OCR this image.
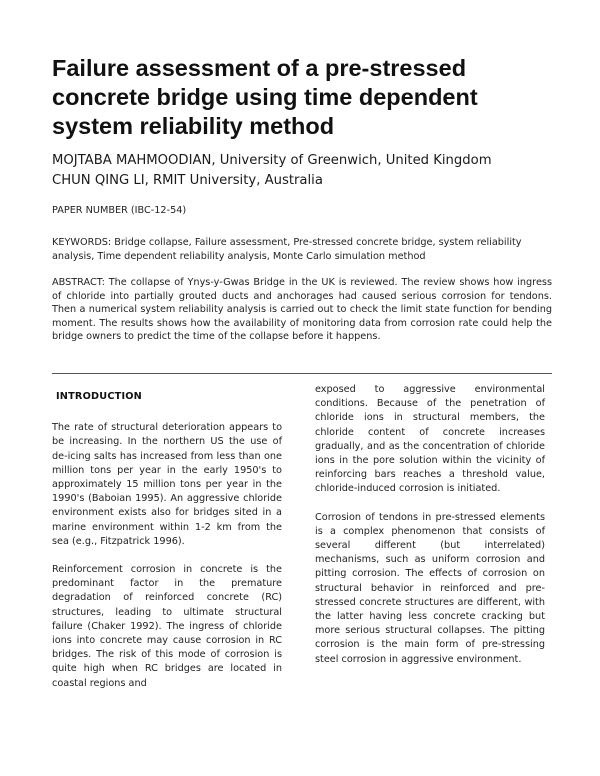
Failure assessment of a pre-stressed
concrete bridge using time dependent
system reliability method
MOJTABA MAHMOODIAN, University of Greenwich, United Kingdom
CHUN QING LI, RMIT University, Australia
PAPER NUMBER (IBC-12-54)
KEYWORDS: Bridge collapse, Failure assessment, Pre-stressed concrete bridge, system reliability analysis, Time dependent reliability analysis, Monte Carlo simulation method
ABSTRACT: The collapse of Ynys-y-Gwas Bridge in the UK is reviewed. The review shows how ingress of chloride into partially grouted ducts and anchorages had caused serious corrosion for tendons. Then a numerical system reliability analysis is carried out to check the limit state function for bending moment. The results shows how the availability of monitoring data from corrosion rate could help the bridge owners to predict the time of the collapse before it happens.
INTRODUCTION

The rate of structural deterioration appears to be increasing. In the northern US the use of de-icing salts has increased from less than one million tons per year in the early 1950's to approximately 15 million tons per year in the 1990's (Baboian 1995). An aggressive chloride environment exists also for bridges sited in a marine environment within 1-2 km from the sea (e.g., Fitzpatrick 1996).

Reinforcement corrosion in concrete is the predominant factor in the premature degradation of reinforced concrete (RC) structures, leading to ultimate structural failure (Chaker 1992). The ingress of chloride ions into concrete may cause corrosion in RC bridges. The risk of this mode of corrosion is quite high when RC bridges are located in coastal regions and

exposed to aggressive environmental conditions. Because of the penetration of chloride ions in structural members, the chloride content of concrete increases gradually, and as the concentration of chloride ions in the pore solution within the vicinity of reinforcing bars reaches a threshold value, chloride-induced corrosion is initiated.

Corrosion of tendons in pre-stressed elements is a complex phenomenon that consists of several different (but interrelated) mechanisms, such as uniform corrosion and pitting corrosion. The effects of corrosion on structural behavior in reinforced and pre-stressed concrete structures are different, with the latter having less concrete cracking but more serious structural collapses. The pitting corrosion is the main form of pre-stressing steel corrosion in aggressive environment.
